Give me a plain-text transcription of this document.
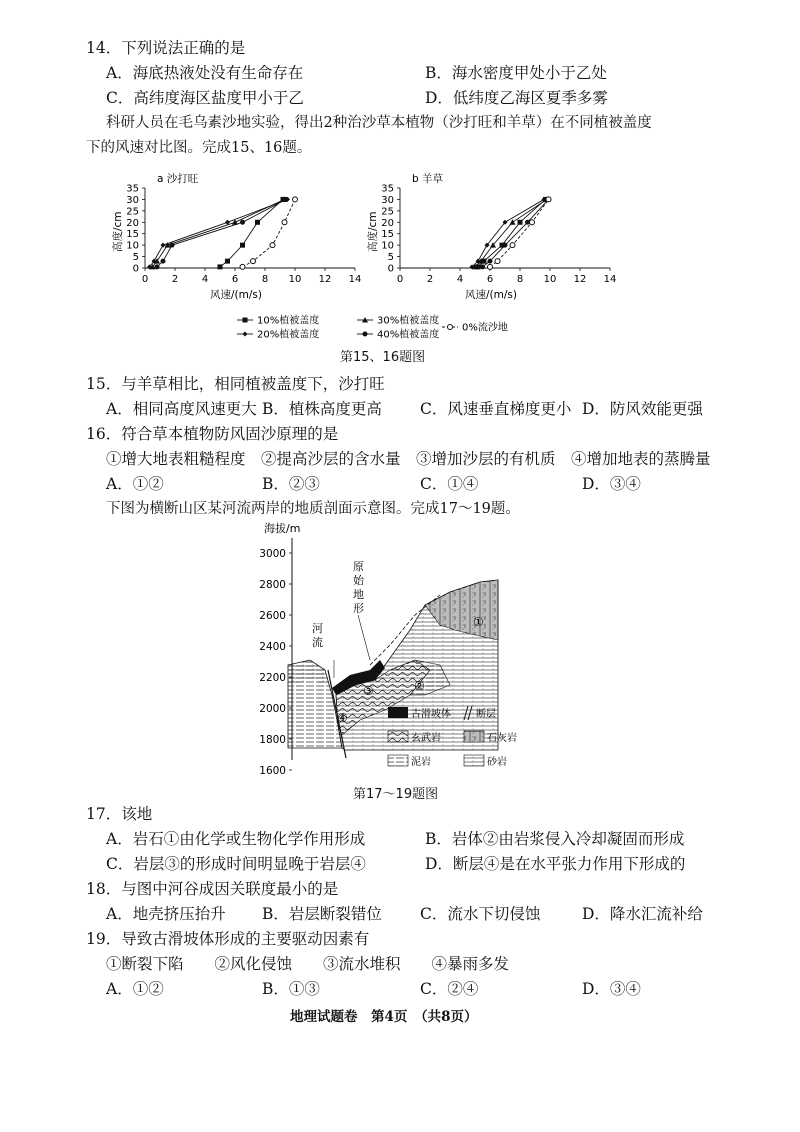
14．下列说法正确的是
A．海底热液处没有生命存在	B．海水密度甲处小于乙处
C．高纬度海区盐度甲小于乙	D．低纬度乙海区夏季多雾
科研人员在毛乌素沙地实验，得出2种治沙草本植物（沙打旺和羊草）在不同植被盖度
下的风速对比图。完成15、16题。
0
5
10
15
20
25
30
35
0 2 4 6 8 10 12 14
a 沙打旺
风速/(m/s)
高度/cm
0
5
10
15
20
25
30
35
0 2 4 6 8 10 12 14
b 羊草
风速/(m/s)
高度/cm
10%植被盖度	30%植被盖度
20%植被盖度	40%植被盖度
0%流沙地
第15、16题图
15．与羊草相比，相同植被盖度下，沙打旺
A．相同高度风速更大 B．植株高度更高 C．风速垂直梯度更小 D．防风效能更强
16．符合草本植物防风固沙原理的是
①增大地表粗糙程度　②提高沙层的含水量　③增加沙层的有机质　④增加地表的蒸腾量
A．①②	B．②③	C．①④	D．③④
下图为横断山区某河流两岸的地质剖面示意图。完成17～19题。
海拔/m
3000
2800
2600
2400
2200
2000
1800
1600
河
流
原
始
地
形
①
②
③
④	古滑坡体	断层
玄武岩	石灰岩
泥岩	砂岩
第17～19题图
17．该地
A．岩石①由化学或生物化学作用形成	B．岩体②由岩浆侵入冷却凝固而形成
C．岩层③的形成时间明显晚于岩层④	D．断层④是在水平张力作用下形成的
18．与图中河谷成因关联度最小的是
A．地壳挤压抬升 B．岩层断裂错位 C．流水下切侵蚀	D．降水汇流补给
19．导致古滑坡体形成的主要驱动因素有
①断裂下陷　　②风化侵蚀　　③流水堆积　　④暴雨多发
A．①②	B．①③	C．②④	D．③④
地理试题卷　第4页　（共8页）
